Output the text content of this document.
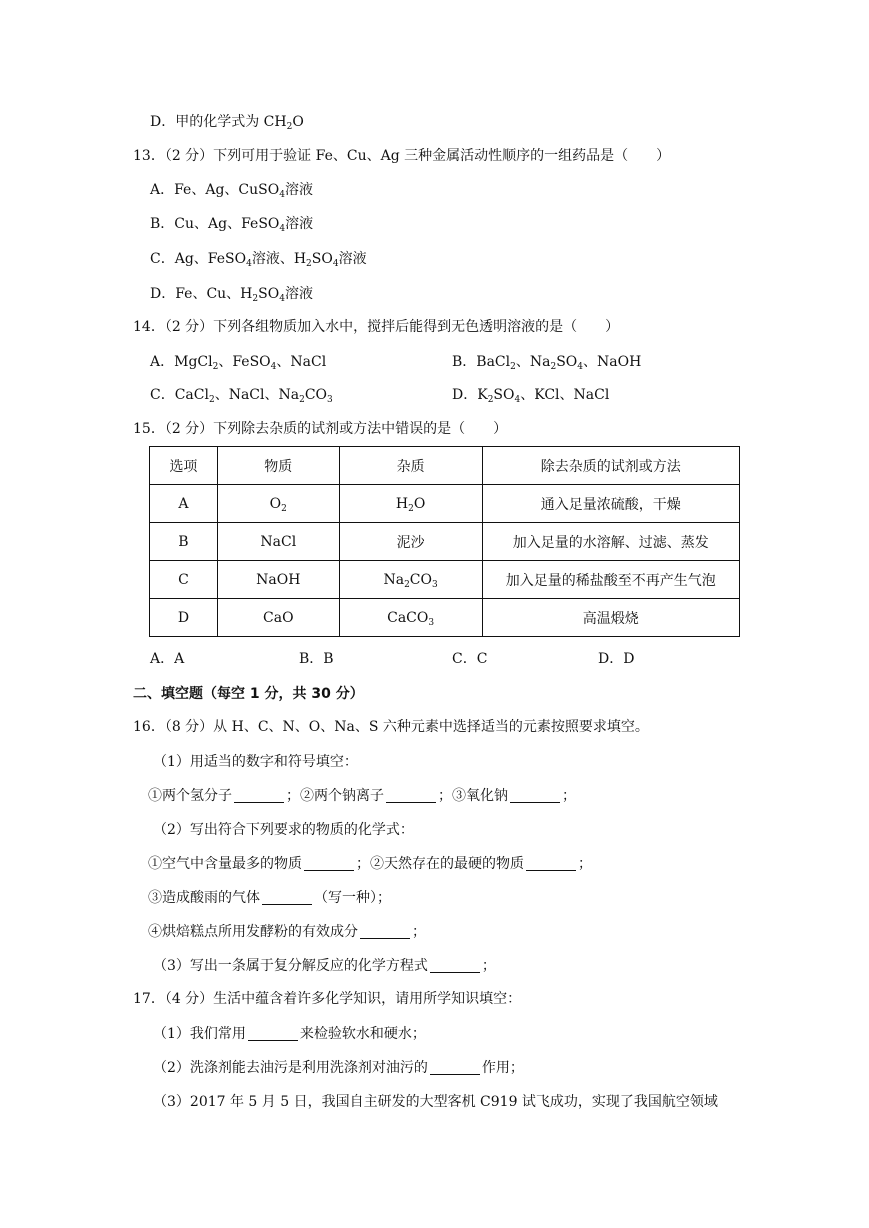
D．甲的化学式为 $CH_2O$
13．（2 分）下列可用于验证 Fe、Cu、Ag 三种金属活动性顺序的一组药品是（　　）
A．Fe、Ag、CuSO$_4$溶液
B．Cu、Ag、FeSO$_4$溶液
C．Ag、FeSO$_4$溶液、$H_2SO_4$溶液
D．Fe、Cu、$H_2SO_4$溶液
14．（2 分）下列各组物质加入水中，搅拌后能得到无色透明溶液的是（　　）
A．MgCl$_2$、FeSO$_4$、NaCl	B．BaCl$_2$、$Na_2SO_4$、NaOH
C．CaCl$_2$、NaCl、$Na_2CO_3$	D．$K_2SO_4$、KCl、NaCl
15．（2 分）下列除去杂质的试剂或方法中错误的是（　　）
选项	物质	杂质	除去杂质的试剂或方法
A	$O_2$	$H_2O$	通入足量浓硫酸，干燥
B	NaCl	泥沙	加入足量的水溶解、过滤、蒸发
C	NaOH	$Na_2CO_3$	加入足量的稀盐酸至不再产生气泡
D	CaO	CaCO$_3$	高温煅烧
A．A	B．B	C．C	D．D
二、填空题（每空 1 分，共 30 分）
16．（8 分）从 H、C、N、O、Na、S 六种元素中选择适当的元素按照要求填空。
（1）用适当的数字和符号填空：
①两个氢分子	；②两个钠离子	；③氧化钠	；
（2）写出符合下列要求的物质的化学式：
①空气中含量最多的物质	；②天然存在的最硬的物质	；
③造成酸雨的气体	（写一种）；
④烘焙糕点所用发酵粉的有效成分	；
（3）写出一条属于复分解反应的化学方程式	；
17．（4 分）生活中蕴含着许多化学知识，请用所学知识填空：
（1）我们常用	来检验软水和硬水；
（2）洗涤剂能去油污是利用洗涤剂对油污的	作用；
（3）2017 年 5 月 5 日，我国自主研发的大型客机 C919 试飞成功，实现了我国航空领域
